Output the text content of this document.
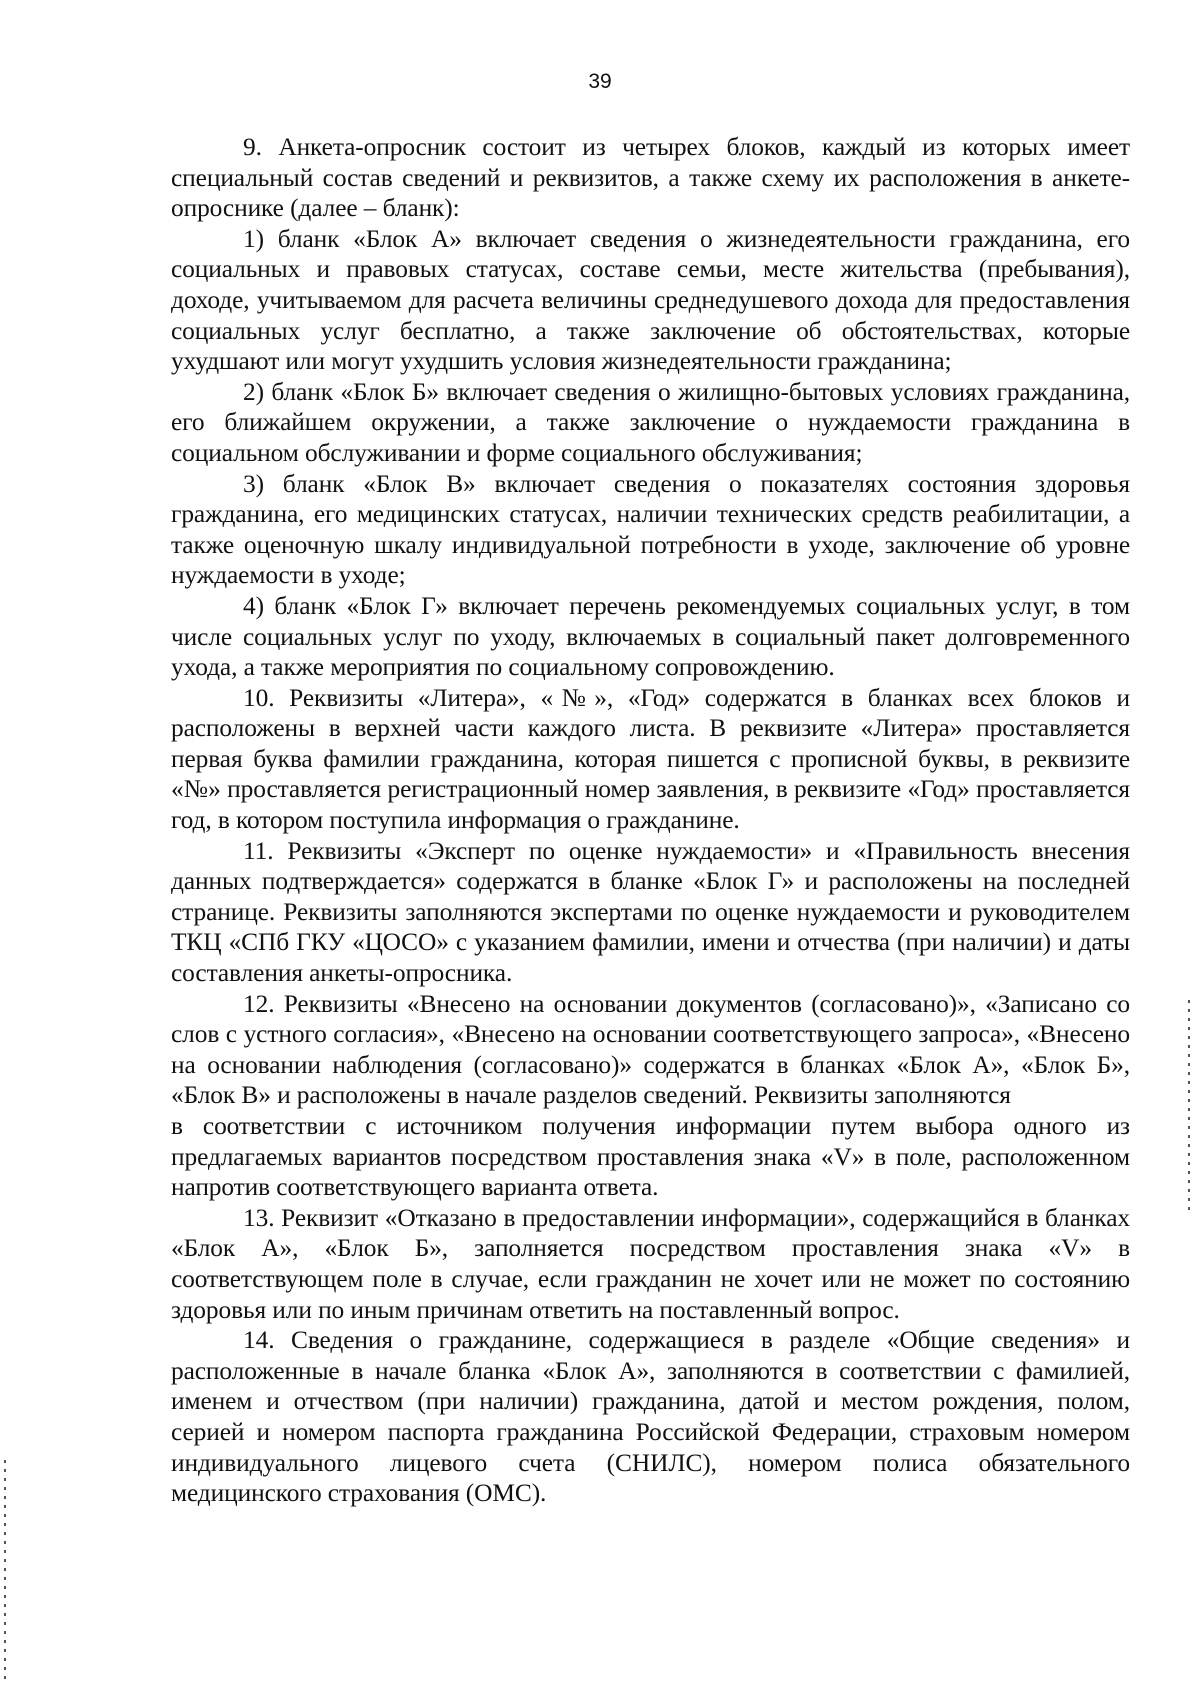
39

9. Анкета-опросник состоит из четырех блоков, каждый из которых имеет специальный состав сведений и реквизитов, а также схему их расположения в анкете-опроснике (далее – бланк):

1) бланк «Блок А» включает сведения о жизнедеятельности гражданина, его социальных и правовых статусах, составе семьи, месте жительства (пребывания), доходе, учитываемом для расчета величины среднедушевого дохода для предоставления социальных услуг бесплатно, а также заключение об обстоятельствах, которые ухудшают или могут ухудшить условия жизнедеятельности гражданина;

2) бланк «Блок Б» включает сведения о жилищно-бытовых условиях гражданина, его ближайшем окружении, а также заключение о нуждаемости гражданина в социальном обслуживании и форме социального обслуживания;

3) бланк «Блок В» включает сведения о показателях состояния здоровья гражданина, его медицинских статусах, наличии технических средств реабилитации, а также оценочную шкалу индивидуальной потребности в уходе, заключение об уровне нуждаемости в уходе;

4) бланк «Блок Г» включает перечень рекомендуемых социальных услуг, в том числе социальных услуг по уходу, включаемых в социальный пакет долговременного ухода, а также мероприятия по социальному сопровождению.

10. Реквизиты «Литера», «№», «Год» содержатся в бланках всех блоков и расположены в верхней части каждого листа. В реквизите «Литера» проставляется первая буква фамилии гражданина, которая пишется с прописной буквы, в реквизите «№» проставляется регистрационный номер заявления, в реквизите «Год» проставляется год, в котором поступила информация о гражданине.

11. Реквизиты «Эксперт по оценке нуждаемости» и «Правильность внесения данных подтверждается» содержатся в бланке «Блок Г» и расположены на последней странице. Реквизиты заполняются экспертами по оценке нуждаемости и руководителем ТКЦ «СПб ГКУ «ЦОСО» с указанием фамилии, имени и отчества (при наличии) и даты составления анкеты-опросника.

12. Реквизиты «Внесено на основании документов (согласовано)», «Записано со слов с устного согласия», «Внесено на основании соответствующего запроса», «Внесено на основании наблюдения (согласовано)» содержатся в бланках «Блок А», «Блок Б», «Блок В» и расположены в начале разделов сведений. Реквизиты заполняются

в соответствии с источником получения информации путем выбора одного из предлагаемых вариантов посредством проставления знака «V» в поле, расположенном напротив соответствующего варианта ответа.

13. Реквизит «Отказано в предоставлении информации», содержащийся в бланках «Блок А», «Блок Б», заполняется посредством проставления знака «V» в соответствующем поле в случае, если гражданин не хочет или не может по состоянию здоровья или по иным причинам ответить на поставленный вопрос.

14. Сведения о гражданине, содержащиеся в разделе «Общие сведения» и расположенные в начале бланка «Блок А», заполняются в соответствии с фамилией, именем и отчеством (при наличии) гражданина, датой и местом рождения, полом, серией и номером паспорта гражданина Российской Федерации, страховым номером индивидуального лицевого счета (СНИЛС), номером полиса обязательного медицинского страхования (ОМС).
